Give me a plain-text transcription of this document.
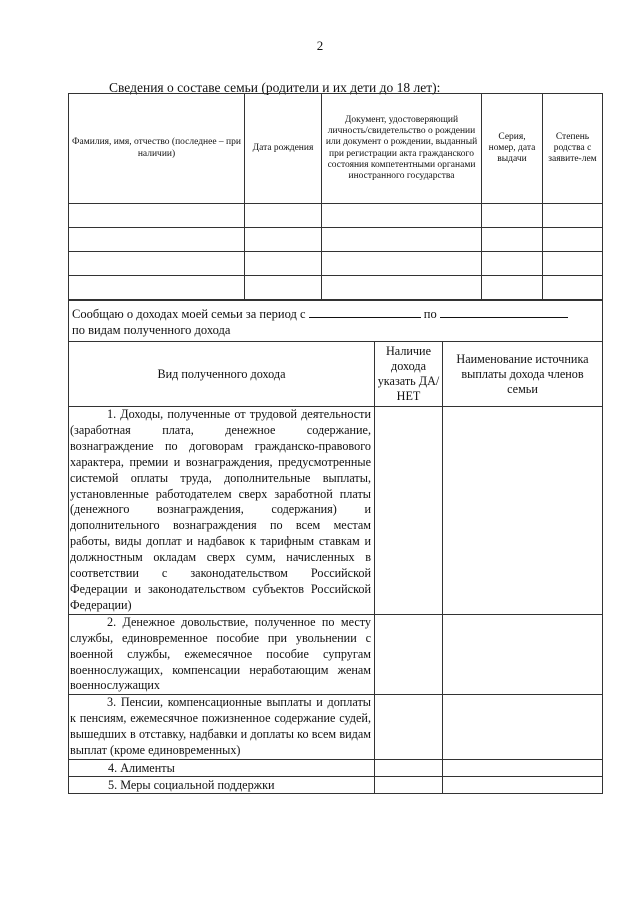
2
Сведения о составе семьи (родители и их дети до 18 лет):
Фамилия, имя, отчество (последнее – при наличии)	Дата рождения	Документ, удостоверяющий личность/свидетельство о рождении или документ о рождении, выданный при регистрации акта гражданского состояния компетентными органами иностранного государства	Серия, номер, дата выдачи	Степень родства с заявите-лем

Сообщаю о доходах моей семьи за период с по
по видам полученного дохода		
Вид полученного дохода	Наличие дохода указать ДА/НЕТ	Наименование источника выплаты дохода членов семьи

1. Доходы, полученные от трудовой деятельности (заработная плата, денежное содержание, вознаграждение по договорам гражданско-правового характера, премии и вознаграждения, предусмотренные системой оплаты труда, дополнительные выплаты, установленные работодателем сверх заработной платы (денежного вознаграждения, содержания) и дополнительного вознаграждения по всем местам работы, виды доплат и надбавок к тарифным ставкам и должностным окладам сверх сумм, начисленных в соответствии с законодательством Российской Федерации и законодательством субъектов Российской Федерации)		

2. Денежное довольствие, полученное по месту службы, единовременное пособие при увольнении с военной службы, ежемесячное пособие супругам военнослужащих, компенсации неработающим женам военнослужащих		

3. Пенсии, компенсационные выплаты и доплаты к пенсиям, ежемесячное пожизненное содержание судей, вышедших в отставку, надбавки и доплаты ко всем видам выплат (кроме единовременных)		

4. Алименты		
5. Меры социальной поддержки		
